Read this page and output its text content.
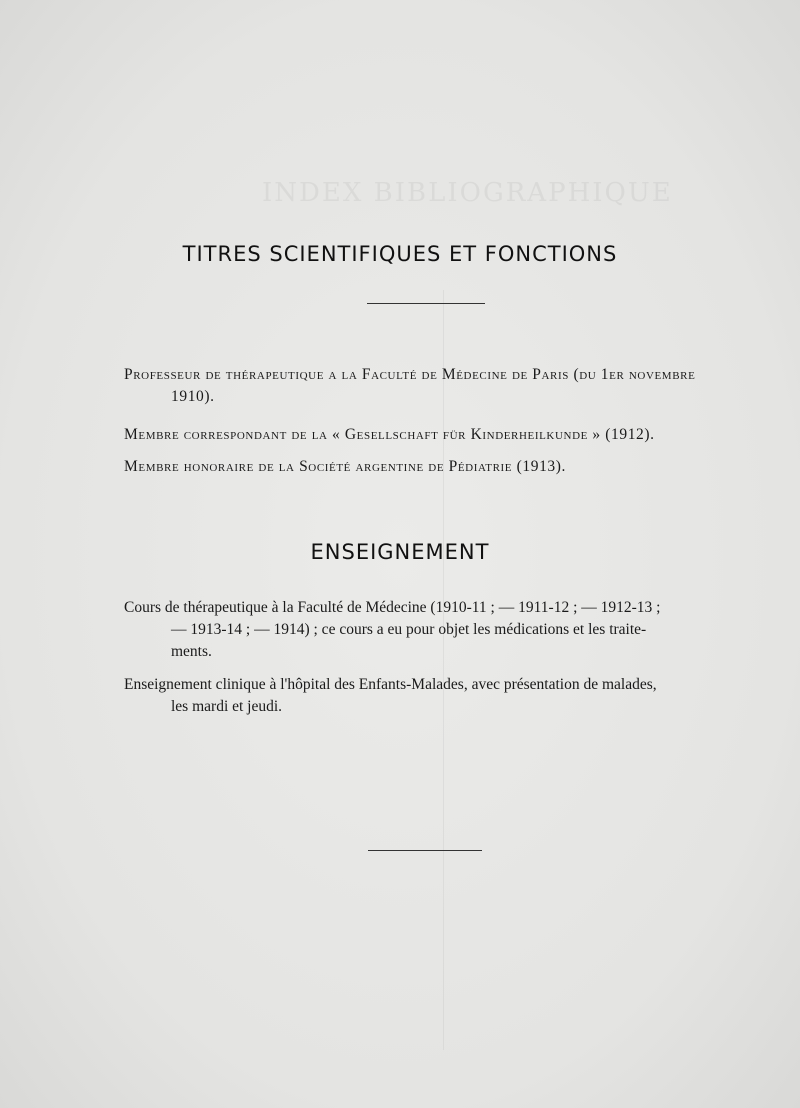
INDEX BIBLIOGRAPHIQUE
TITRES SCIENTIFIQUES ET FONCTIONS
Professeur de thérapeutique a la Faculté de Médecine de Paris (du 1er novembre
1910).
Membre correspondant de la « Gesellschaft für Kinderheilkunde » (1912).
Membre honoraire de la Société argentine de Pédiatrie (1913).
ENSEIGNEMENT
Cours de thérapeutique à la Faculté de Médecine (1910-11 ; — 1911-12 ; — 1912-13 ;
— 1913-14 ; — 1914) ; ce cours a eu pour objet les médications et les traite-
ments.
Enseignement clinique à l'hôpital des Enfants-Malades, avec présentation de malades,
les mardi et jeudi.
